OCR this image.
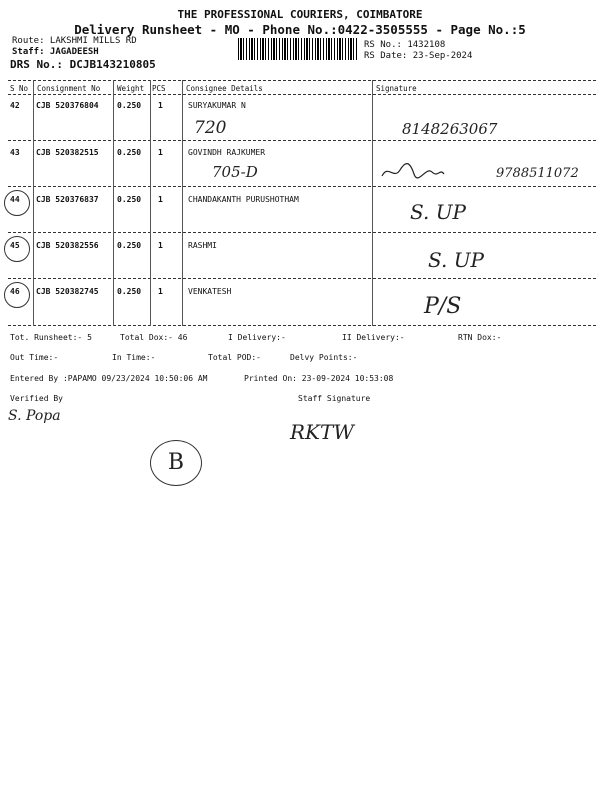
THE PROFESSIONAL COURIERS, COIMBATORE
Delivery Runsheet - MO - Phone No.:0422-3505555 - Page No.:5
Route: LAKSHMI MILLS RD
Staff: JAGADEESH
DRS No.: DCJB143210805
RS No.: 1432108
RS Date: 23-Sep-2024
S No Consignment No Weight PCS	Consignee Details	Signature
42 CJB 520376804 0.250 1	SURYAKUMAR N
720	8148263067
43 CJB 520382515 0.250 1	GOVINDH RAJKUMER
705-D	9788511072
44 CJB 520376837 0.250 1	CHANDAKANTH PURUSHOTHAM
S. UP
45 CJB 520382556 0.250 1	RASHMI
S. UP
46 CJB 520382745 0.250 1	VENKATESH
P/S
Tot. Runsheet:- 5	Total Dox:- 46	I Delivery:-	II Delivery:-	RTN Dox:-
Out Time:-	In Time:-	Total POD:-	Delvy Points:-
Entered By :PAPAMO 09/23/2024 10:50:06 AM	Printed On: 23-09-2024 10:53:08
Verified By	Staff Signature
S. Popa
RKTW
B
